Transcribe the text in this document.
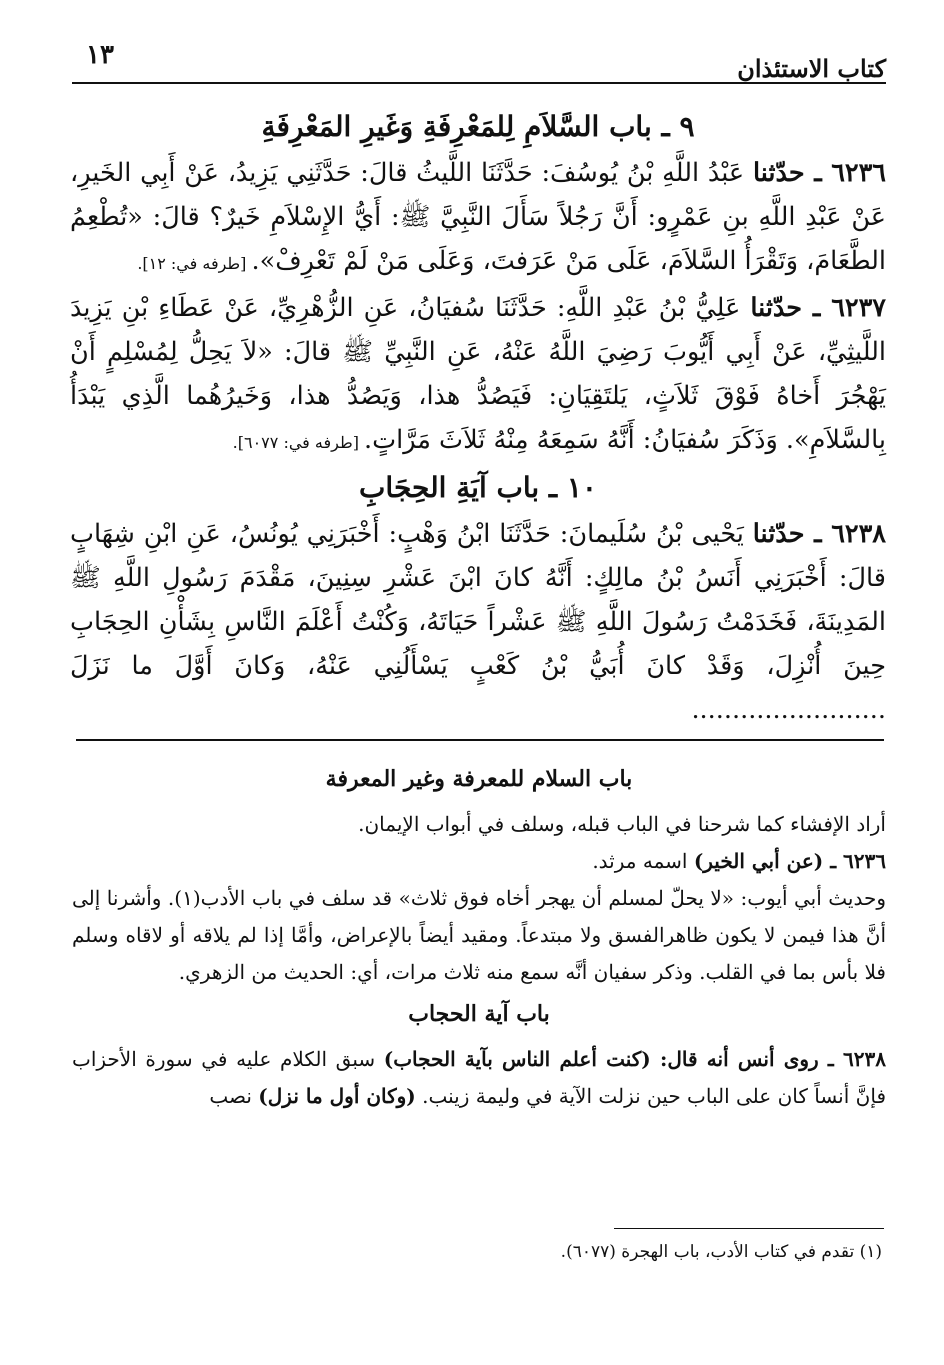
كتاب الاستئذان
١٣
٩ ـ باب السَّلاَمِ لِلمَعْرِفَةِ وَغَيرِ المَعْرِفَةِ

٦٢٣٦ ـ حدّثنا عَبْدُ اللَّهِ بْنُ يُوسُفَ: حَدَّثَنَا اللَّيثُ قالَ: حَدَّثَنِي يَزِيدُ، عَنْ أَبِي الخَيرِ، عَنْ عَبْدِ اللَّهِ بنِ عَمْرٍو: أَنَّ رَجُلاً سَأَلَ النَّبِيَّ ﷺ: أَيُّ الإِسْلاَمِ خَيرٌ؟ قالَ: «تُطْعِمُ الطَّعَامَ، وَتَقْرَأُ السَّلاَمَ، عَلَى مَنْ عَرَفتَ، وَعَلَى مَنْ لَمْ تَعْرِفْ». [طرفه في: ١٢].

٦٢٣٧ ـ حدّثنا عَلِيُّ بْنُ عَبْدِ اللَّهِ: حَدَّثَنَا سُفيَانُ، عَنِ الزُّهْرِيِّ، عَنْ عَطَاءِ بْنِ يَزِيدَ اللَّيثِيِّ، عَنْ أَبِي أَيُّوبَ رَضِيَ اللَّهُ عَنْهُ، عَنِ النَّبِيِّ ﷺ قالَ: «لاَ يَحِلُّ لِمُسْلِمٍ أَنْ يَهْجُرَ أَخاهُ فَوْقَ ثَلاَثٍ، يَلتَقِيَانِ: فَيَصُدُّ هذا، وَيَصُدُّ هذا، وَخَيرُهُما الَّذِي يَبْدَأُ بِالسَّلاَمِ». وَذَكَرَ سُفيَانُ: أَنَّهُ سَمِعَهُ مِنْهُ ثَلاَثَ مَرَّاتٍ. [طرفه في: ٦٠٧٧].

١٠ ـ باب آيَةِ الحِجَابِ

٦٢٣٨ ـ حدّثنا يَحْيى بْنُ سُلَيمانَ: حَدَّثَنَا ابْنُ وَهْبٍ: أَخْبَرَنِي يُونُسُ، عَنِ ابْنِ شِهَابٍ قالَ: أَخْبَرَنِي أَنَسُ بْنُ مالِكٍ: أَنَّهُ كانَ ابْنَ عَشْرِ سِنِينَ، مَقْدَمَ رَسُولِ اللَّهِ ﷺ المَدِينَةَ، فَخَدَمْتُ رَسُولَ اللَّهِ ﷺ عَشْراً حَيَاتَهُ، وَكُنْتُ أَعْلَمَ النَّاسِ بِشَأْنِ الحِجَابِ حِينَ أُنْزِلَ، وَقَدْ كانَ أُبَيُّ بْنُ كَعْبٍ يَسْأَلُنِي عَنْهُ، وَكانَ أَوَّلَ ما نَزَلَ ........................

باب السلام للمعرفة وغير المعرفة

أراد الإفشاء كما شرحنا في الباب قبله، وسلف في أبواب الإيمان.

٦٢٣٦ ـ (عن أبي الخير) اسمه مرثد.

وحديث أبي أيوب: «لا يحلّ لمسلم أن يهجر أخاه فوق ثلاث» قد سلف في باب الأدب(١). وأشرنا إلى أنَّ هذا فيمن لا يكون ظاهرالفسق ولا مبتدعاً. ومقيد أيضاً بالإعراض، وأمَّا إذا لم يلاقه أو لاقاه وسلم فلا بأس بما في القلب. وذكر سفيان أنَّه سمع منه ثلاث مرات، أي: الحديث من الزهري.

باب آية الحجاب

٦٢٣٨ ـ روى أنس أنه قال: (كنت أعلم الناس بآية الحجاب) سبق الكلام عليه في سورة الأحزاب فإنَّ أنساً كان على الباب حين نزلت الآية في وليمة زينب. (وكان أول ما نزل) نصب

(١) تقدم في كتاب الأدب، باب الهجرة (٦٠٧٧).
